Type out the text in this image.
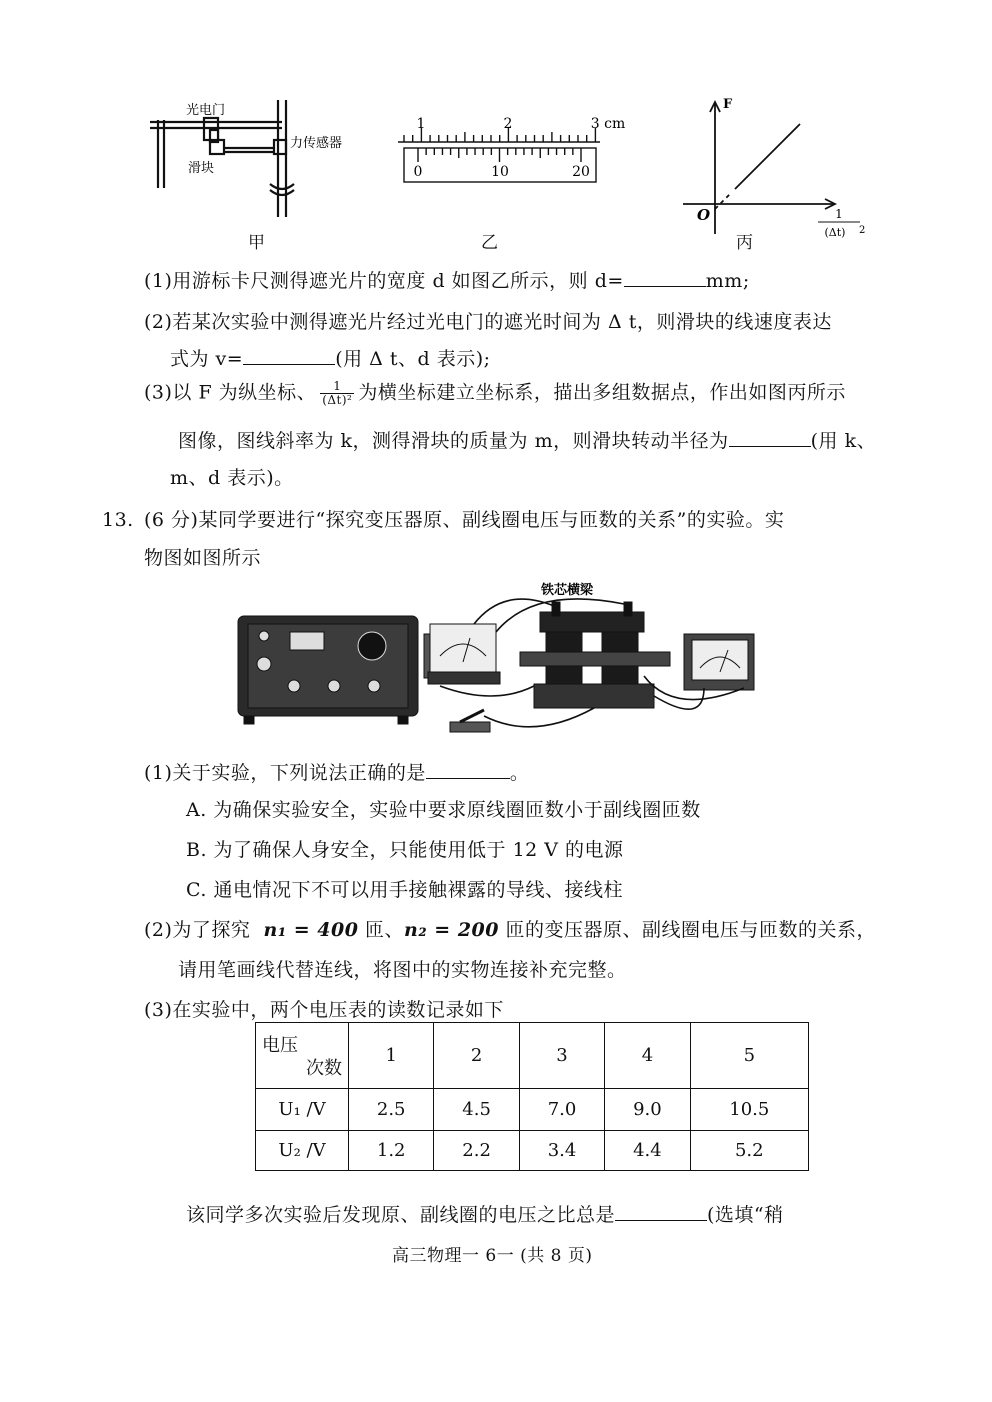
光电门
滑块
力传感器
甲
1	2	3 cm
0	10	20
乙
F
O	1
(Δt) 2
丙
(1)用游标卡尺测得遮光片的宽度 d 如图乙所示，则 d=	mm;
(2)若某次实验中测得遮光片经过光电门的遮光时间为 Δ t，则滑块的线速度表达
式为 v=	(用 Δ t、d 表示);
(3)以 F 为纵坐标、 $\frac{1}{\text{(Δt)²}}$ 为横坐标建立坐标系，描出多组数据点，作出如图丙所示
图像，图线斜率为 k，测得滑块的质量为 m，则滑块转动半径为	(用 k、
m、d 表示)。
13. (6 分)某同学要进行“探究变压器原、副线圈电压与匝数的关系”的实验。实
物图如图所示
铁芯横梁
(1)关于实验，下列说法正确的是	。
A. 为确保实验安全，实验中要求原线圈匝数小于副线圈匝数
B. 为了确保人身安全，只能使用低于 12 V 的电源
C. 通电情况下不可以用手接触裸露的导线、接线柱
(2)为了探究 n₁ = 400 匝、n₂ = 200 匝的变压器原、副线圈电压与匝数的关系，
请用笔画线代替连线，将图中的实物连接补充完整。
(3)在实验中，两个电压表的读数记录如下
电压
次数	1	2	3	4	5
U₁ /V	2.5	4.5	7.0	9.0	10.5
U₂ /V	1.2	2.2	3.4	4.4	5.2
该同学多次实验后发现原、副线圈的电压之比总是	(选填“稍
高三物理一 6一 (共 8 页)
